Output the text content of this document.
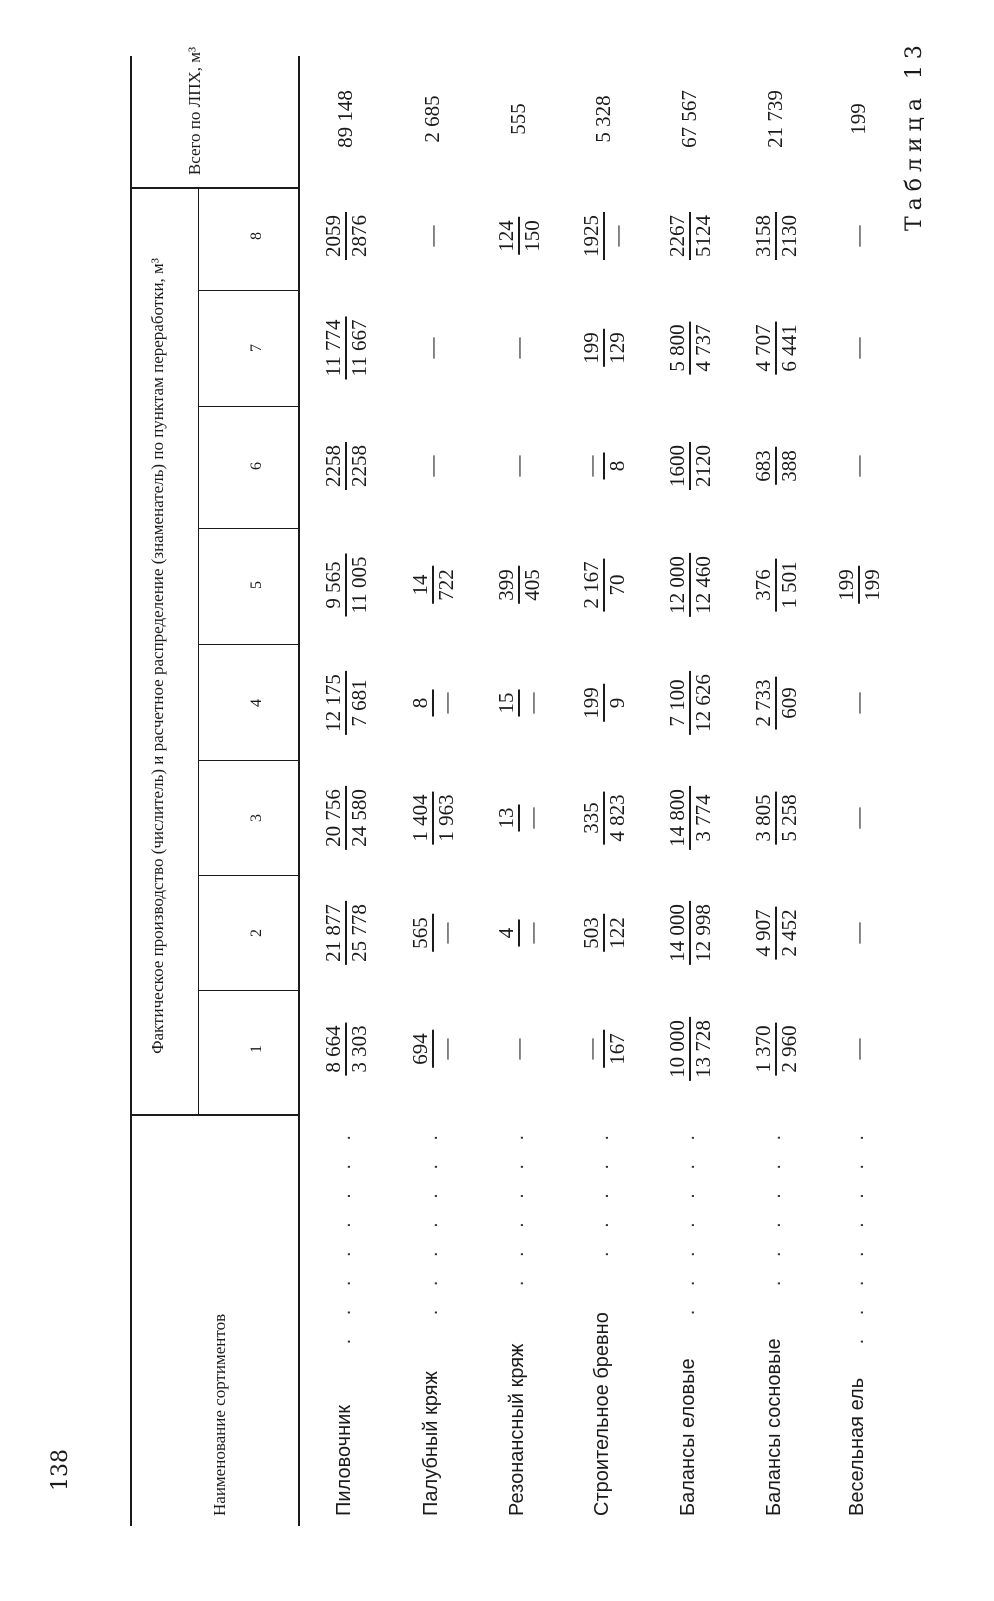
138
Таблица 13
Наименование сортиментов
Фактическое производство (числитель) и расчетное распределение (знаменатель) по пунктам переработки, м³
Всего по ЛПХ, м³
1
2
3
4
5
6
7
8
Пиловочник
. . . . . . . .
8 664 3 303
21 877 25 778
20 756 24 580
12 175 7 681
9 565 11 005
2258 2258
11 774 11 667
2059 2876
89 148
Палубный кряж
. . . . . . .
694 —
565 —
1 404 1 963
8 —
14 722
—
—
—
2 685
Резонансный кряж
. . . . . .
—
4 —
13 —
15 —
399 405
—
—
124 150
555
Строительное бревно
. . . . .
— 167
503 122
335 4 823
199 9
2 167 70
— 8
199 129
1925 —
5 328
Балансы еловые
. . . . . . .
10 000 13 728
14 000 12 998
14 800 3 774
7 100 12 626
12 000 12 460
1600 2120
5 800 4 737
2267 5124
67 567
Балансы сосновые
. . . . . .
1 370 2 960
4 907 2 452
3 805 5 258
2 733 609
376 1 501
683 388
4 707 6 441
3158 2130
21 739
Весельная ель
. . . . . . . .
—
—
—
—
199 199
—
—
—
199
